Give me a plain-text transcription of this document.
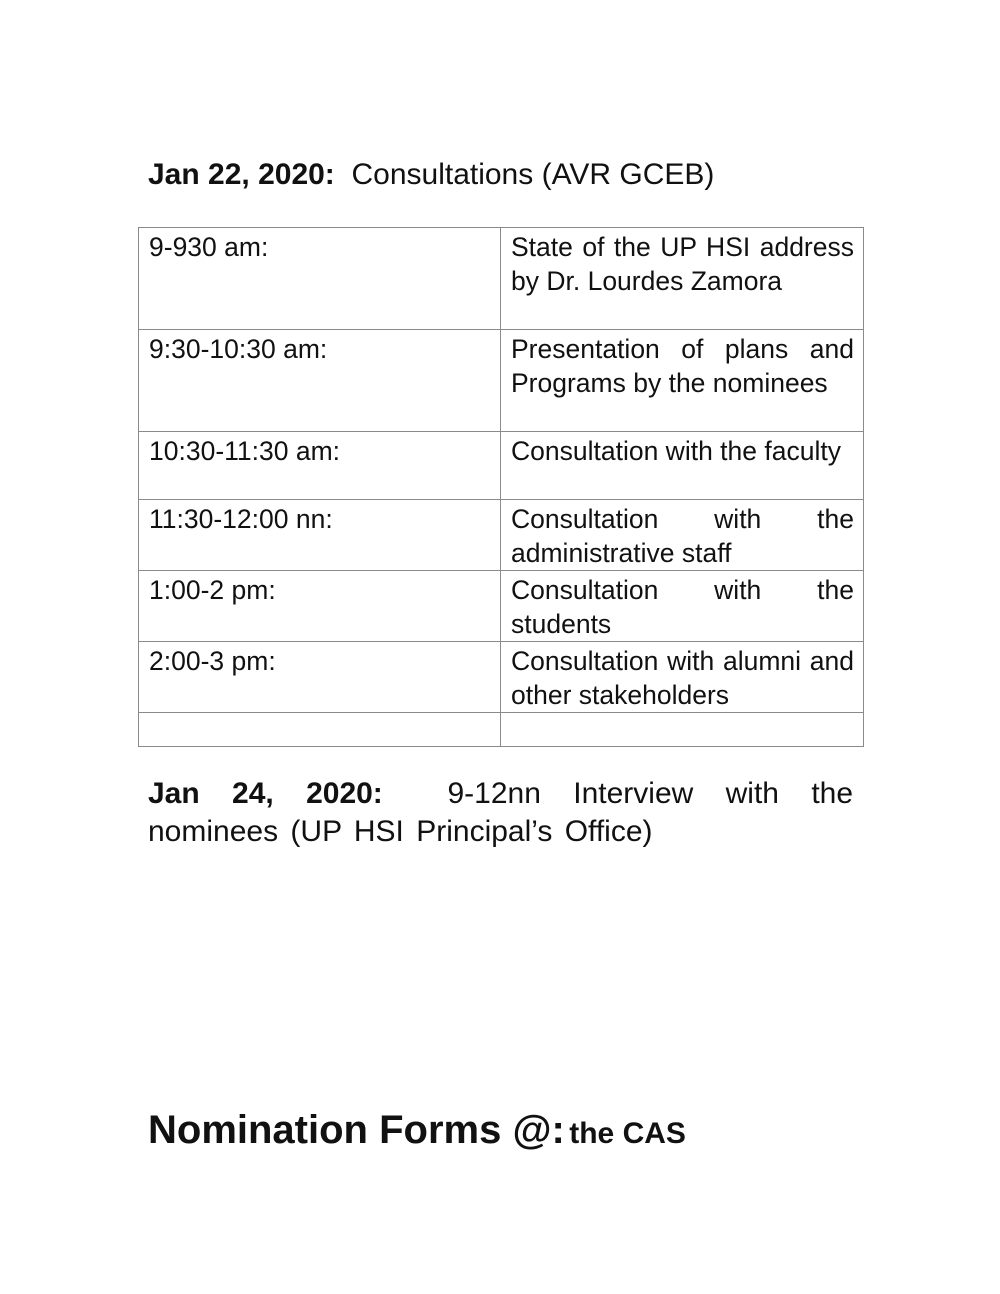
Jan 22, 2020: Consultations (AVR GCEB)
9-930 am:	State of the UP HSI address by Dr. Lourdes Zamora
9:30-10:30 am:	Presentation of plans and Programs by the nominees
10:30-11:30 am:	Consultation with the faculty
11:30-12:00 nn:	Consultation with the administrative staff
1:00-2 pm:	Consultation with the students
2:00-3 pm:	Consultation with alumni and other stakeholders

Jan 24, 2020: 9-12nn Interview with the nominees (UP HSI Principal’s Office)
Nomination Forms @: the CAS
